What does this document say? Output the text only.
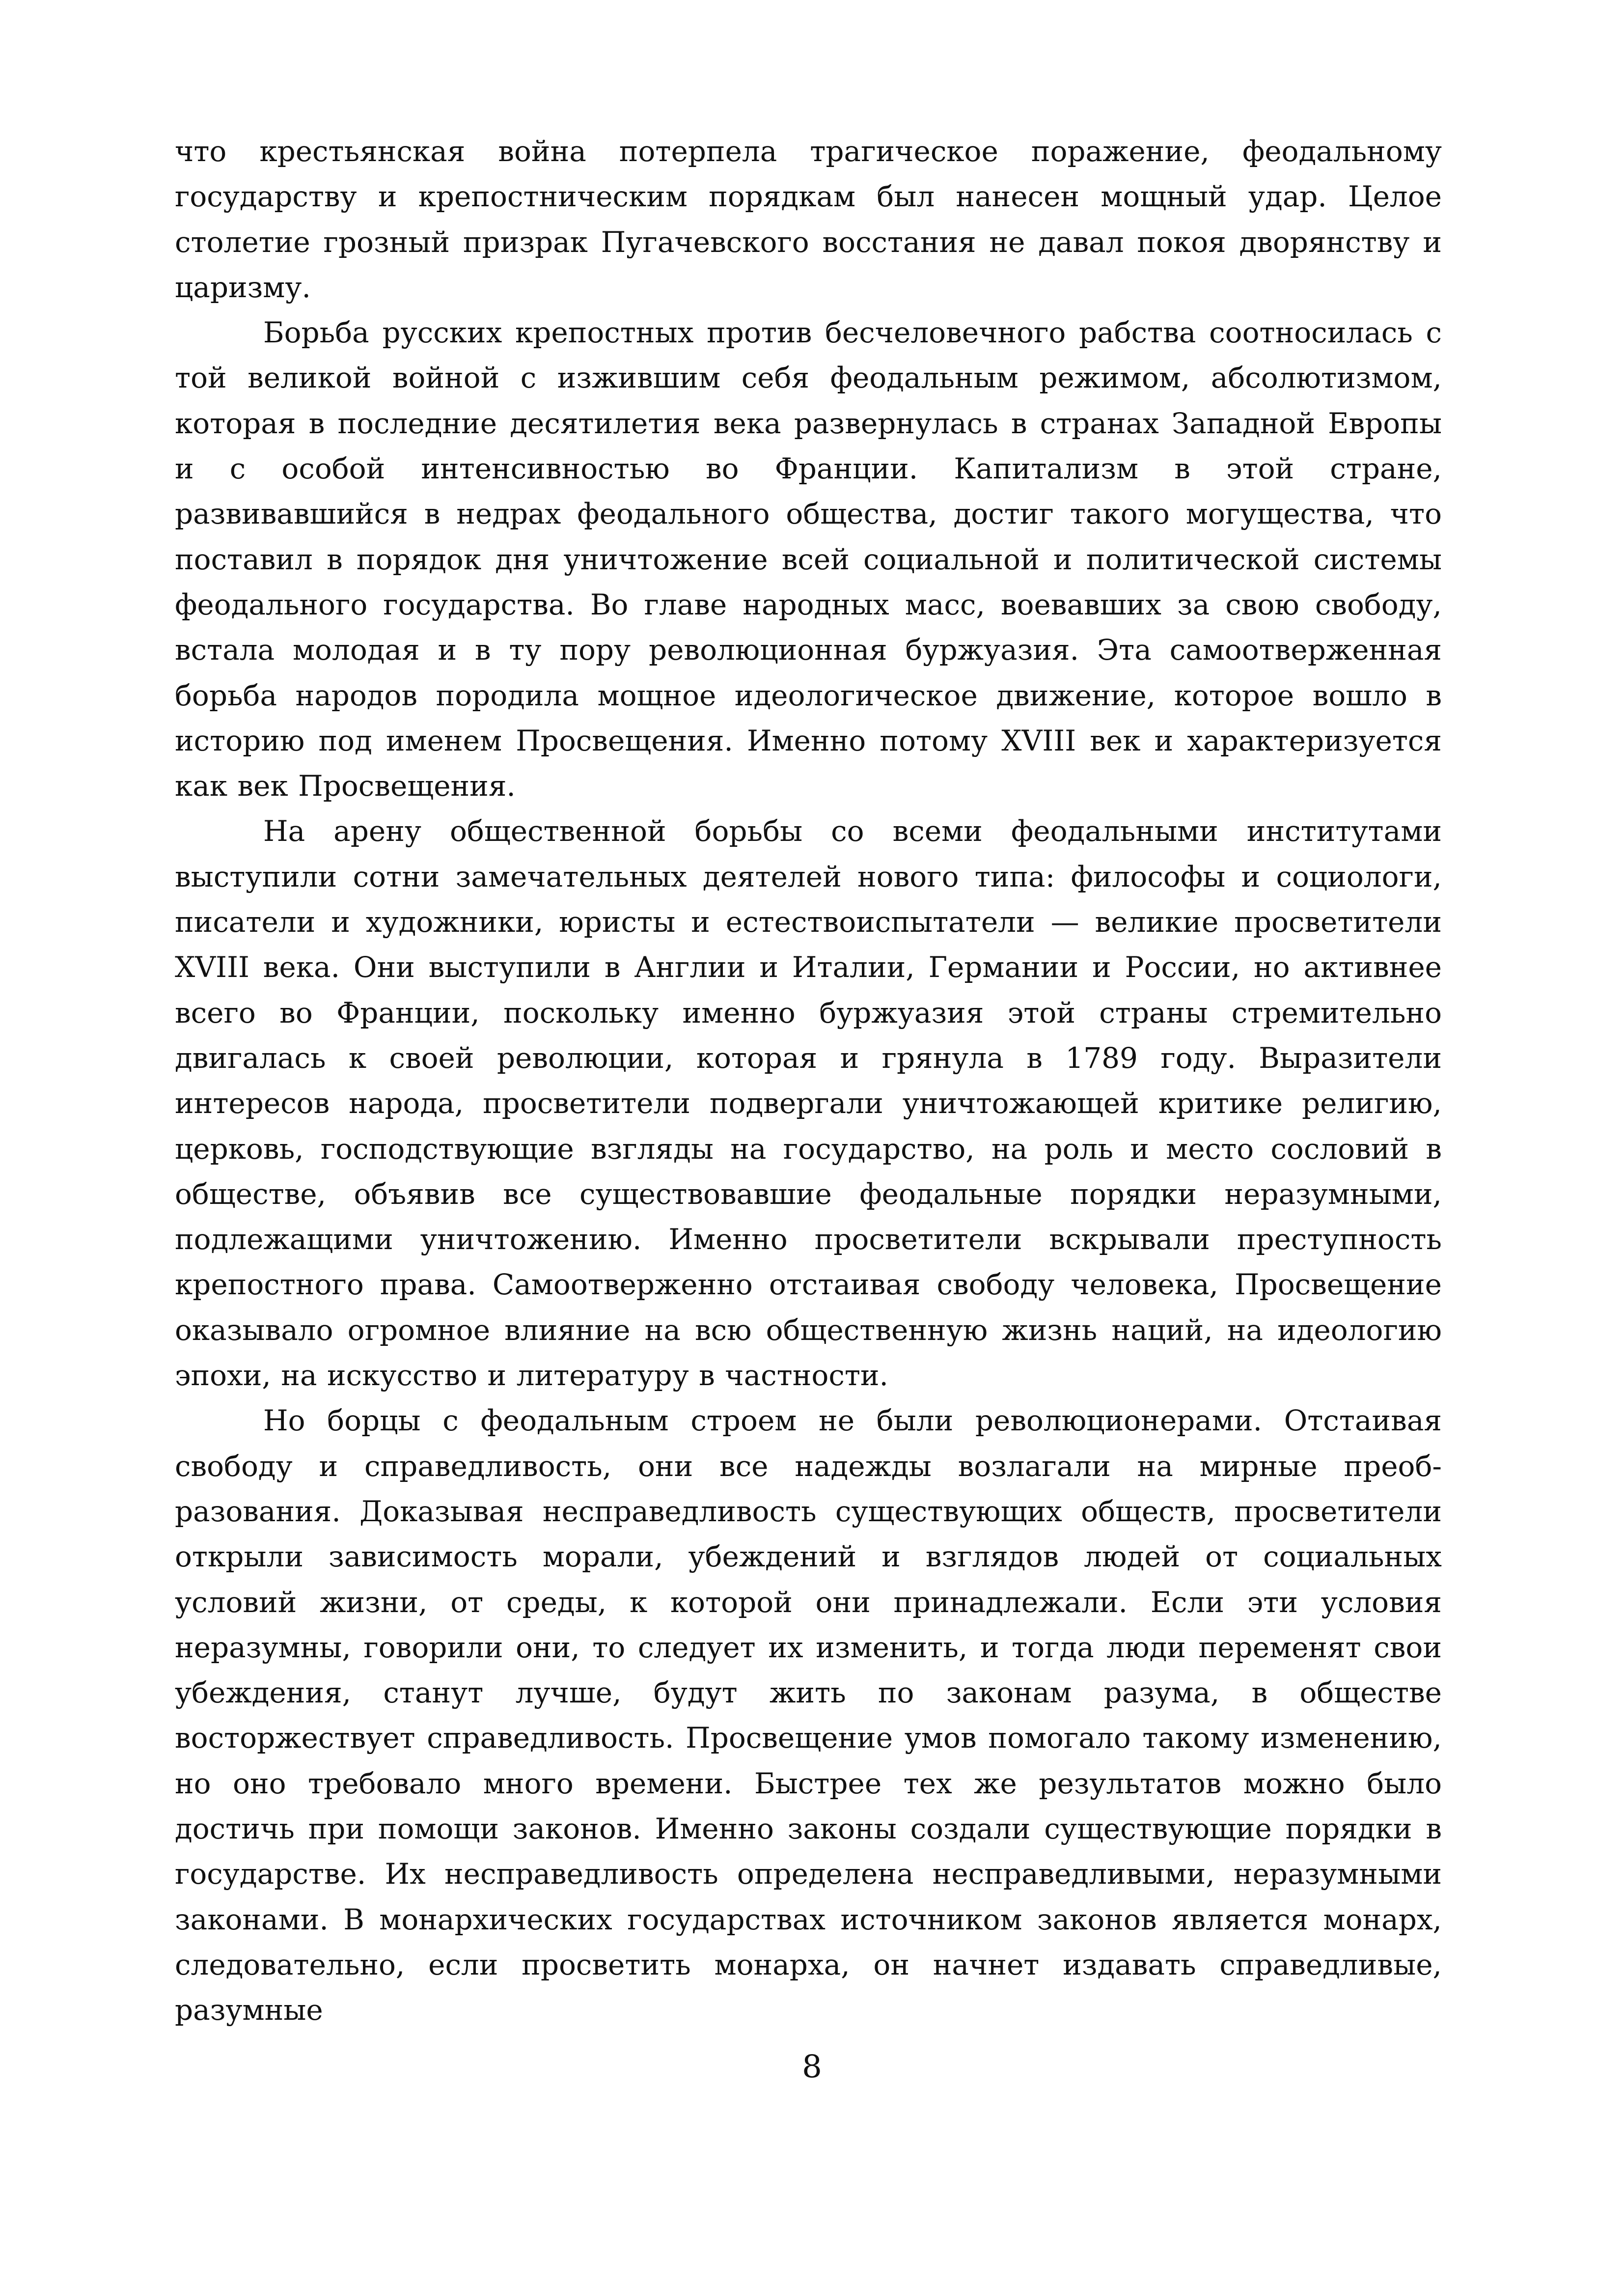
что крестьянская война потерпела трагическое поражение, феодальному государству и крепостническим порядкам был нанесен мощный удар. Целое столетие грозный призрак Пугачевского восстания не давал покоя дворянству и царизму.

Борьба русских крепостных против бесчеловечного рабства соотносилась с той великой войной с изжившим себя феодальным режимом, абсолютизмом, которая в последние десятилетия века развернулась в странах Западной Европы и с особой интенсивностью во Франции. Капитализм в этой стране, развивавшийся в недрах феодального общества, достиг такого могущества, что поставил в порядок дня уничтожение всей социальной и политической системы феодального государства. Во главе народных масс, воевавших за свою свободу, встала молодая и в ту пору революционная буржуазия. Эта самоотверженная борьба народов породила мощное идеологическое движение, которое вошло в историю под именем Просвещения. Именно потому XVIII век и характеризуется как век Просвещения.

На арену общественной борьбы со всеми феодальными институтами выступили сотни замечательных деятелей нового типа: философы и социологи, писатели и художники, юристы и естествоиспытатели — великие просветители XVIII века. Они выступили в Англии и Италии, Германии и России, но активнее всего во Франции, поскольку именно буржуазия этой страны стремительно двигалась к своей революции, которая и грянула в 1789 году. Выразители интересов народа, просветители подвергали уничтожающей критике религию, церковь, господствующие взгляды на государство, на роль и место сословий в обществе, объявив все существовавшие феодальные порядки неразумными, подлежащими уничтожению. Именно просветители вскрывали преступность крепостного права. Самоотверженно отстаивая свободу человека, Просвещение оказывало огромное влияние на всю общественную жизнь наций, на идеологию эпохи, на искусство и литературу в частности.

Но борцы с феодальным строем не были революционерами. Отстаивая свободу и справедливость, они все надежды возлагали на мирные преобразования. Доказывая несправедливость существующих обществ, просветители открыли зависимость морали, убеждений и взглядов людей от социальных условий жизни, от среды, к которой они принадлежали. Если эти условия неразумны, говорили они, то следует их изменить, и тогда люди переменят свои убеждения, станут лучше, будут жить по законам разума, в обществе восторжествует справедливость. Просвещение умов помогало такому изменению, но оно требовало много времени. Быстрее тех же результатов можно было достичь при помощи законов. Именно законы создали существующие порядки в государстве. Их несправедливость определена несправедливыми, неразумными законами. В монархических государствах источником законов является монарх, следовательно, если просветить монарха, он начнет издавать справедливые, разумные

8
